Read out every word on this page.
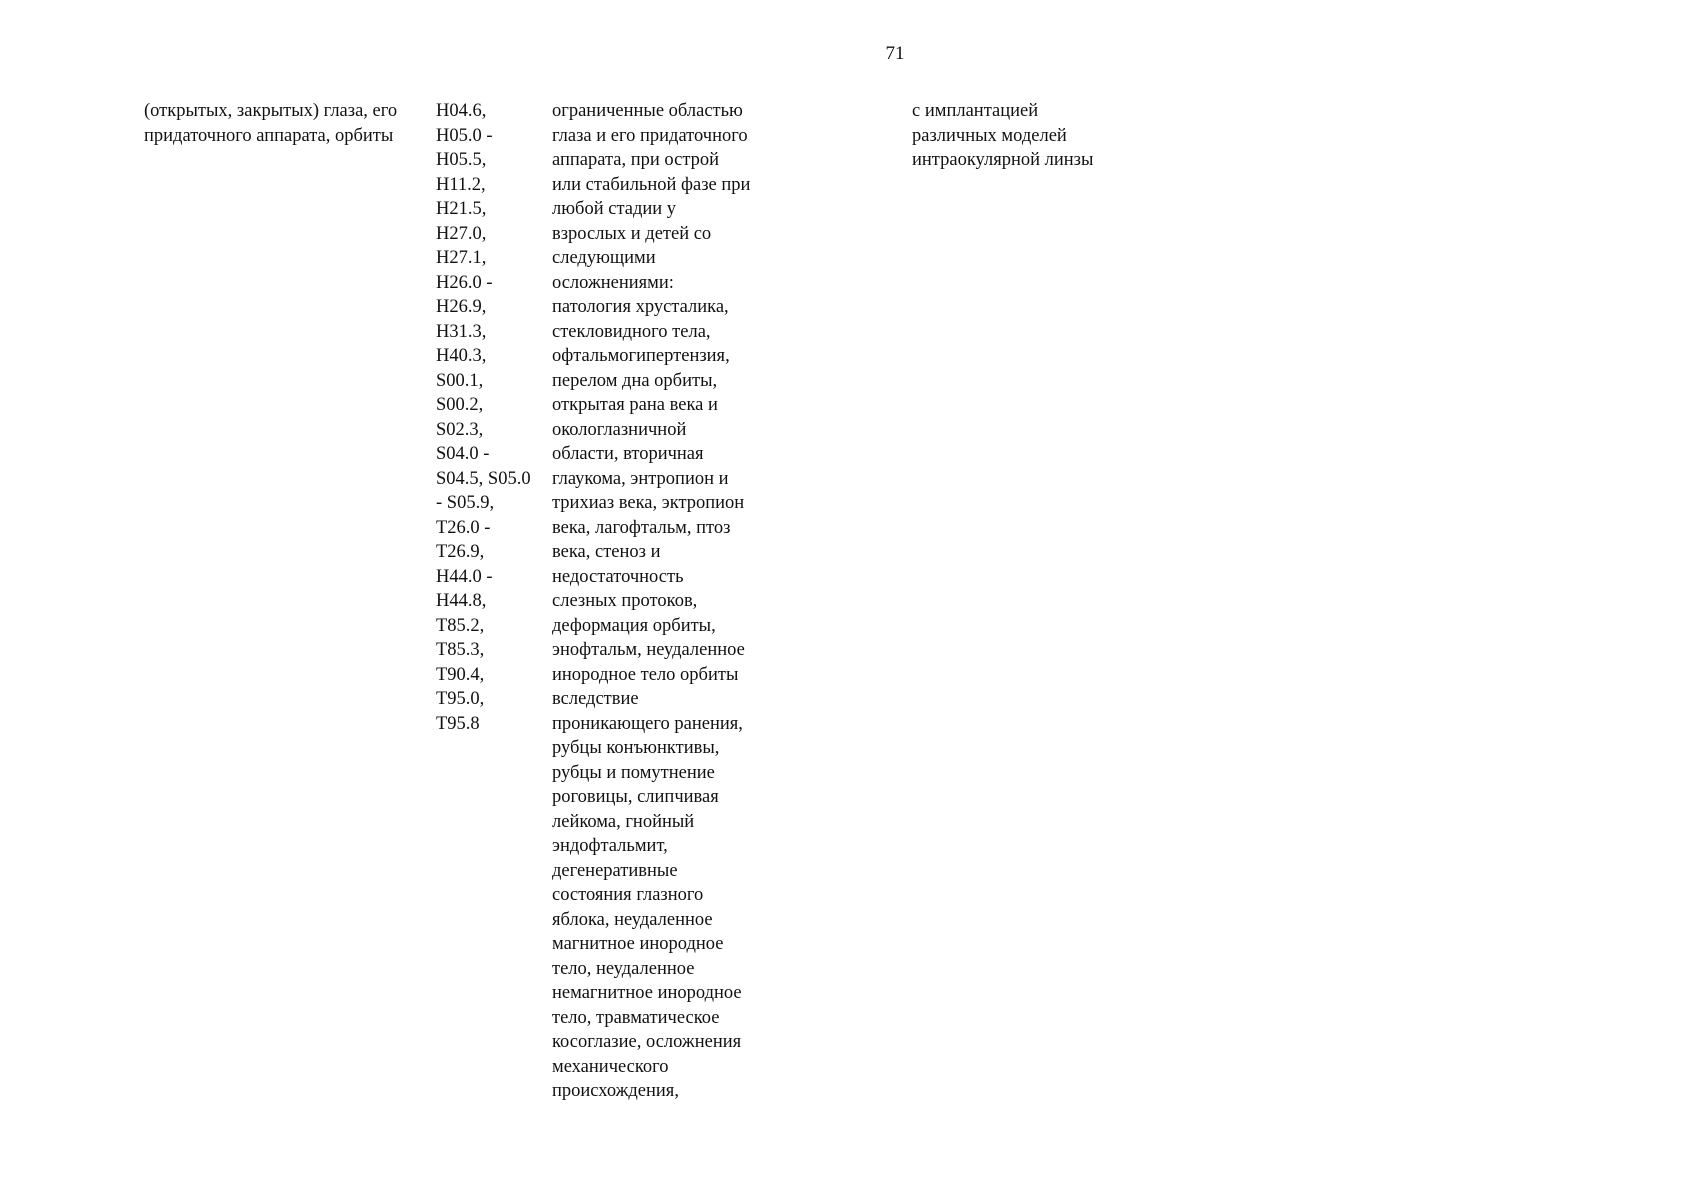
71
(открытых, закрытых) глаза, его
придаточного аппарата, орбиты
H04.6,
H05.0 -
H05.5,
H11.2,
H21.5,
H27.0,
H27.1,
H26.0 -
H26.9,
H31.3,
H40.3,
S00.1,
S00.2,
S02.3,
S04.0 -
S04.5, S05.0
- S05.9,
T26.0 -
T26.9,
H44.0 -
H44.8,
T85.2,
T85.3,
T90.4,
T95.0,
T95.8
ограниченные областью
глаза и его придаточного
аппарата, при острой
или стабильной фазе при
любой стадии у
взрослых и детей со
следующими
осложнениями:
патология хрусталика,
стекловидного тела,
офтальмогипертензия,
перелом дна орбиты,
открытая рана века и
окологлазничной
области, вторичная
глаукома, энтропион и
трихиаз века, эктропион
века, лагофтальм, птоз
века, стеноз и
недостаточность
слезных протоков,
деформация орбиты,
энофтальм, неудаленное
инородное тело орбиты
вследствие
проникающего ранения,
рубцы конъюнктивы,
рубцы и помутнение
роговицы, слипчивая
лейкома, гнойный
эндофтальмит,
дегенеративные
состояния глазного
яблока, неудаленное
магнитное инородное
тело, неудаленное
немагнитное инородное
тело, травматическое
косоглазие, осложнения
механического
происхождения,
с имплантацией
различных моделей
интраокулярной линзы
